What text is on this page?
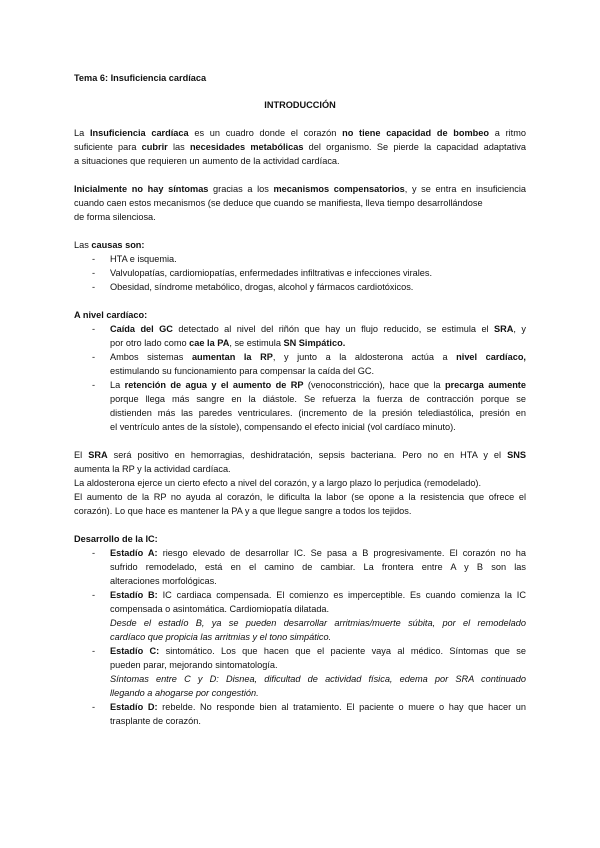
Tema 6: Insuficiencia cardíaca
INTRODUCCIÓN
La Insuficiencia cardíaca es un cuadro donde el corazón no tiene capacidad de bombeo a ritmo
suficiente para cubrir las necesidades metabólicas del organismo. Se pierde la capacidad adaptativa
a situaciones que requieren un aumento de la actividad cardíaca.
Inicialmente no hay síntomas gracias a los mecanismos compensatorios, y se entra en insuficiencia
cuando caen estos mecanismos (se deduce que cuando se manifiesta, lleva tiempo desarrollándose
de forma silenciosa.
Las causas son:
- HTA e isquemia.
- Valvulopatías, cardiomiopatías, enfermedades infiltrativas e infecciones virales.
- Obesidad, síndrome metabólico, drogas, alcohol y fármacos cardiotóxicos.
A nivel cardíaco:
- Caída del GC detectado al nivel del riñón que hay un flujo reducido, se estimula el SRA, y
por otro lado como cae la PA, se estimula SN Simpático.
- Ambos sistemas aumentan la RP, y junto a la aldosterona actúa a nivel cardíaco,
estimulando su funcionamiento para compensar la caída del GC.
- La retención de agua y el aumento de RP (venoconstricción), hace que la precarga aumente
porque llega más sangre en la diástole. Se refuerza la fuerza de contracción porque se
distienden más las paredes ventriculares. (incremento de la presión telediastólica, presión en
el ventrículo antes de la sístole), compensando el efecto inicial (vol cardíaco minuto).
El SRA será positivo en hemorragias, deshidratación, sepsis bacteriana. Pero no en HTA y el SNS
aumenta la RP y la actividad cardíaca.
La aldosterona ejerce un cierto efecto a nivel del corazón, y a largo plazo lo perjudica (remodelado).
El aumento de la RP no ayuda al corazón, le dificulta la labor (se opone a la resistencia que ofrece el
corazón). Lo que hace es mantener la PA y a que llegue sangre a todos los tejidos.
Desarrollo de la IC:
- Estadío A: riesgo elevado de desarrollar IC. Se pasa a B progresivamente. El corazón no ha
sufrido remodelado, está en el camino de cambiar. La frontera entre A y B son las
alteraciones morfológicas.
- Estadío B: IC cardiaca compensada. El comienzo es imperceptible. Es cuando comienza la IC
compensada o asintomática. Cardiomiopatía dilatada.
Desde el estadío B, ya se pueden desarrollar arritmias/muerte súbita, por el remodelado
cardíaco que propicia las arritmias y el tono simpático.
- Estadío C: sintomático. Los que hacen que el paciente vaya al médico. Síntomas que se
pueden parar, mejorando sintomatología.
Síntomas entre C y D: Disnea, dificultad de actividad física, edema por SRA continuado
llegando a ahogarse por congestión.
- Estadío D: rebelde. No responde bien al tratamiento. El paciente o muere o hay que hacer un
trasplante de corazón.
